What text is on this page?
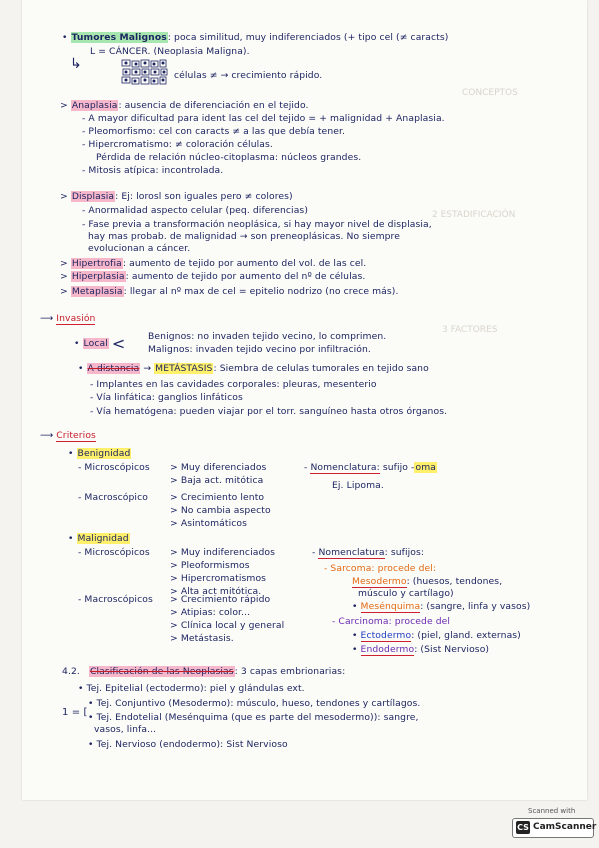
CONCEPTOS
2 ESTADIFICACIÓN
3 FACTORES
• Tumores Malignos: poca similitud, muy indiferenciados (+ tipo cel (≠ caracts)
L = CÁNCER. (Neoplasia Maligna).
↳
células ≠ → crecimiento rápido.
> Anaplasia: ausencia de diferenciación en el tejido.
- A mayor dificultad para ident las cel del tejido = + malignidad + Anaplasia.
- Pleomorfismo: cel con caracts ≠ a las que debía tener.
- Hipercromatismo: ≠ coloración células.
Pérdida de relación núcleo-citoplasma: núcleos grandes.
- Mitosis atípica: incontrolada.
> Displasia: Ej: lorosl son iguales pero ≠ colores)
- Anormalidad aspecto celular (peq. diferencias)
- Fase previa a transformación neoplásica, si hay mayor nivel de displasia,
hay mas probab. de malignidad → son preneoplásicas. No siempre
evolucionan a cáncer.
> Hipertrofia: aumento de tejido por aumento del vol. de las cel.
> Hiperplasia: aumento de tejido por aumento del nº de células.
> Metaplasia: llegar al nº max de cel = epitelio nodrizo (no crece más).
⟶ Invasión
• Local < Benignos: no invaden tejido vecino, lo comprimen.
Malignos: invaden tejido vecino por infiltración.
• A distancia → METÁSTASIS: Siembra de celulas tumorales en tejido sano
- Implantes en las cavidades corporales: pleuras, mesenterio
- Vía linfática: ganglios linfáticos
- Vía hematógena: pueden viajar por el torr. sanguíneo hasta otros órganos.
⟶ Criterios
• Benignidad
- Microscópicos > Muy diferenciados
> Baja act. mitótica
- Nomenclatura: sufijo -oma
Ej. Lipoma.
- Macroscópico > Crecimiento lento
> No cambia aspecto
> Asintomáticos
• Malignidad
- Microscópicos > Muy indiferenciados
> Pleoformismos
> Hipercromatismos
> Alta act mitótica.
- Nomenclatura: sufijos:
- Sarcoma: procede del:
Mesodermo: (huesos, tendones,
músculo y cartílago)
• Mesénquima: (sangre, linfa y vasos)
- Macroscópicos > Crecimiento rápido
> Atipias: color...
> Clínica local y general
> Metástasis.
- Carcinoma: procede del
• Ectodermo: (piel, gland. externas)
• Endodermo: (Sist Nervioso)
4.2. Clasificación de las Neoplasias: 3 capas embrionarias:
• Tej. Epitelial (ectodermo): piel y glándulas ext.
1 = [
• Tej. Conjuntivo (Mesodermo): músculo, hueso, tendones y cartílagos.
• Tej. Endotelial (Mesénquima (que es parte del mesodermo)): sangre,
vasos, linfa...
• Tej. Nervioso (endodermo): Sist Nervioso
Scanned with
CS CamScanner
